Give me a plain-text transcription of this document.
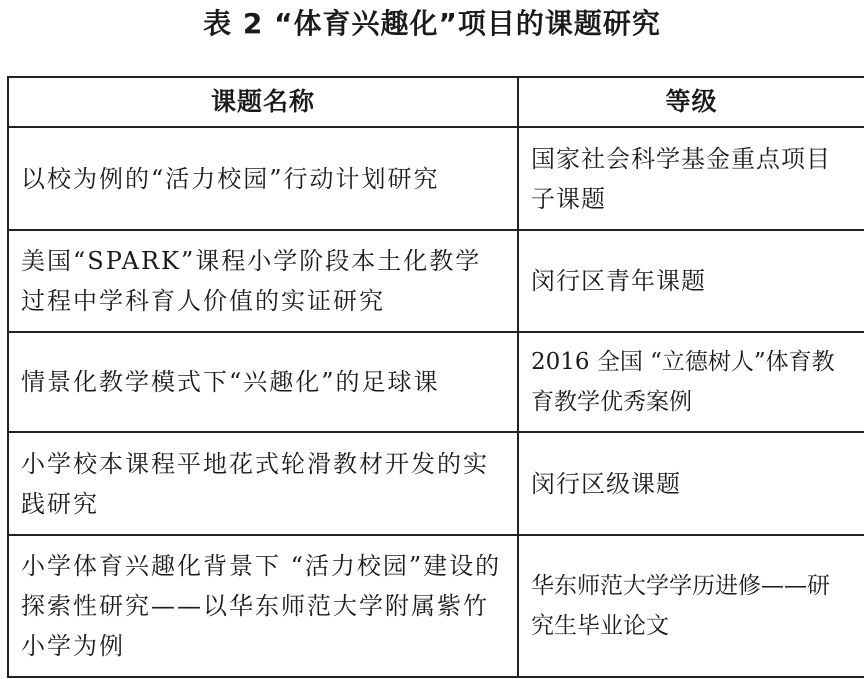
表 2 “体育兴趣化”项目的课题研究
课题名称	等级
以校为例的“活力校园”行动计划研究	国家社会科学基金重点项目子课题
美国“SPARK”课程小学阶段本土化教学过程中学科育人价值的实证研究	闵行区青年课题
情景化教学模式下“兴趣化”的足球课	2016 全国 “立德树人”体育教育教学优秀案例
小学校本课程平地花式轮滑教材开发的实践研究	闵行区级课题
小学体育兴趣化背景下 “活力校园”建设的探索性研究——以华东师范大学附属紫竹小学为例	华东师范大学学历进修——研究生毕业论文
